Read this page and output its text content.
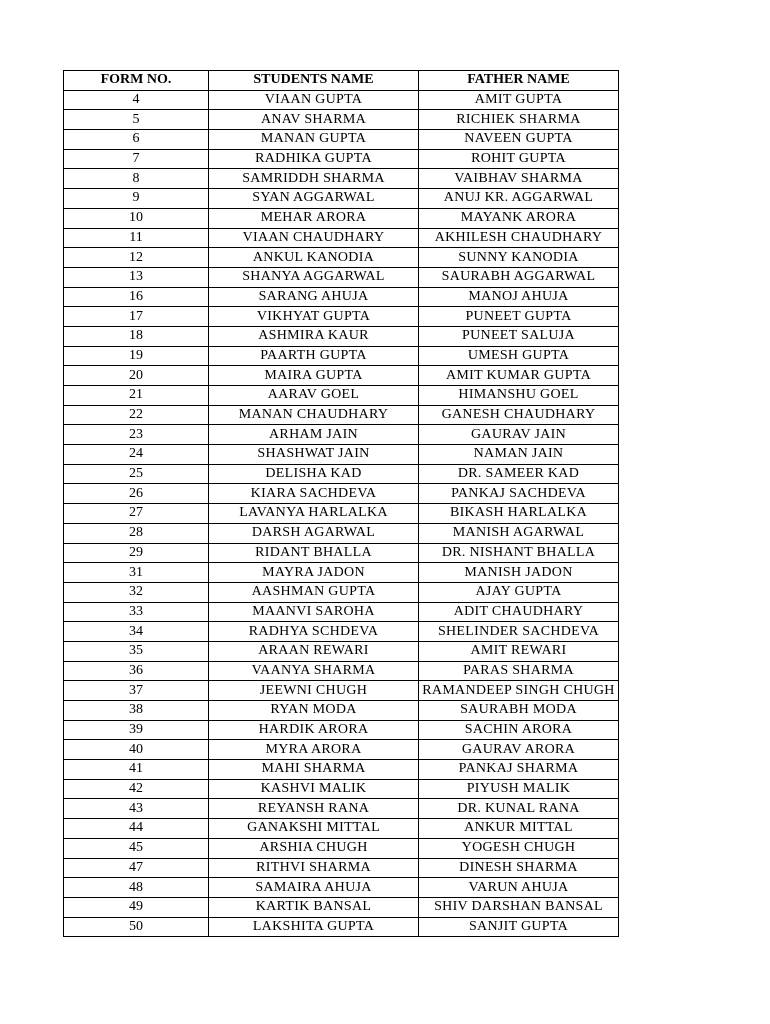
FORM NO.	STUDENTS NAME	FATHER NAME
4	VIAAN GUPTA	AMIT GUPTA
5	ANAV SHARMA	RICHIEK SHARMA
6	MANAN GUPTA	NAVEEN GUPTA
7	RADHIKA GUPTA	ROHIT GUPTA
8	SAMRIDDH SHARMA	VAIBHAV SHARMA
9	SYAN AGGARWAL	ANUJ KR. AGGARWAL
10	MEHAR ARORA	MAYANK ARORA
11	VIAAN CHAUDHARY	AKHILESH CHAUDHARY
12	ANKUL KANODIA	SUNNY KANODIA
13	SHANYA AGGARWAL	SAURABH AGGARWAL
16	SARANG AHUJA	MANOJ AHUJA
17	VIKHYAT GUPTA	PUNEET GUPTA
18	ASHMIRA KAUR	PUNEET SALUJA
19	PAARTH GUPTA	UMESH GUPTA
20	MAIRA GUPTA	AMIT KUMAR GUPTA
21	AARAV GOEL	HIMANSHU GOEL
22	MANAN CHAUDHARY	GANESH CHAUDHARY
23	ARHAM JAIN	GAURAV JAIN
24	SHASHWAT JAIN	NAMAN JAIN
25	DELISHA KAD	DR. SAMEER KAD
26	KIARA SACHDEVA	PANKAJ SACHDEVA
27	LAVANYA HARLALKA	BIKASH HARLALKA
28	DARSH AGARWAL	MANISH AGARWAL
29	RIDANT BHALLA	DR. NISHANT BHALLA
31	MAYRA JADON	MANISH JADON
32	AASHMAN GUPTA	AJAY GUPTA
33	MAANVI SAROHA	ADIT CHAUDHARY
34	RADHYA SCHDEVA	SHELINDER SACHDEVA
35	ARAAN REWARI	AMIT REWARI
36	VAANYA SHARMA	PARAS SHARMA
37	JEEWNI CHUGH	RAMANDEEP SINGH CHUGH
38	RYAN MODA	SAURABH MODA
39	HARDIK ARORA	SACHIN ARORA
40	MYRA ARORA	GAURAV ARORA
41	MAHI SHARMA	PANKAJ SHARMA
42	KASHVI MALIK	PIYUSH MALIK
43	REYANSH RANA	DR. KUNAL RANA
44	GANAKSHI MITTAL	ANKUR MITTAL
45	ARSHIA CHUGH	YOGESH CHUGH
47	RITHVI SHARMA	DINESH SHARMA
48	SAMAIRA AHUJA	VARUN AHUJA
49	KARTIK BANSAL	SHIV DARSHAN BANSAL
50	LAKSHITA GUPTA	SANJIT GUPTA
